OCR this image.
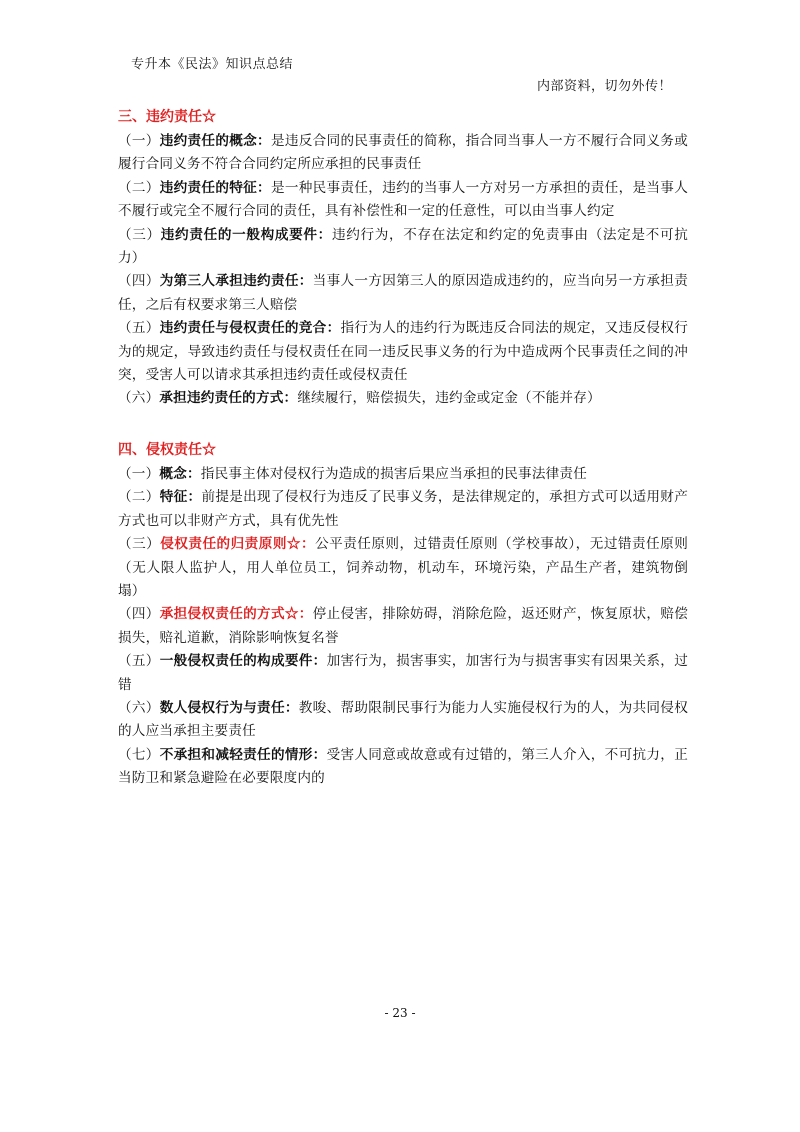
专升本《民法》知识点总结
内部资料，切勿外传！

三、违约责任☆

（一）违约责任的概念：是违反合同的民事责任的简称，指合同当事人一方不履行合同义务或履行合同义务不符合合同约定所应承担的民事责任

（二）违约责任的特征：是一种民事责任，违约的当事人一方对另一方承担的责任，是当事人不履行或完全不履行合同的责任，具有补偿性和一定的任意性，可以由当事人约定

（三）违约责任的一般构成要件：违约行为，不存在法定和约定的免责事由（法定是不可抗力）

（四）为第三人承担违约责任：当事人一方因第三人的原因造成违约的，应当向另一方承担责任，之后有权要求第三人赔偿

（五）违约责任与侵权责任的竞合：指行为人的违约行为既违反合同法的规定，又违反侵权行为的规定，导致违约责任与侵权责任在同一违反民事义务的行为中造成两个民事责任之间的冲突，受害人可以请求其承担违约责任或侵权责任

（六）承担违约责任的方式：继续履行，赔偿损失，违约金或定金（不能并存）

四、侵权责任☆

（一）概念：指民事主体对侵权行为造成的损害后果应当承担的民事法律责任

（二）特征：前提是出现了侵权行为违反了民事义务，是法律规定的，承担方式可以适用财产方式也可以非财产方式，具有优先性

（三）侵权责任的归责原则☆：公平责任原则，过错责任原则（学校事故），无过错责任原则（无人限人监护人，用人单位员工，饲养动物，机动车，环境污染，产品生产者，建筑物倒塌）

（四）承担侵权责任的方式☆：停止侵害，排除妨碍，消除危险，返还财产，恢复原状，赔偿损失，赔礼道歉，消除影响恢复名誉

（五）一般侵权责任的构成要件：加害行为，损害事实，加害行为与损害事实有因果关系，过错

（六）数人侵权行为与责任：教唆、帮助限制民事行为能力人实施侵权行为的人，为共同侵权的人应当承担主要责任

（七）不承担和减轻责任的情形：受害人同意或故意或有过错的，第三人介入，不可抗力，正当防卫和紧急避险在必要限度内的

- 23 -
